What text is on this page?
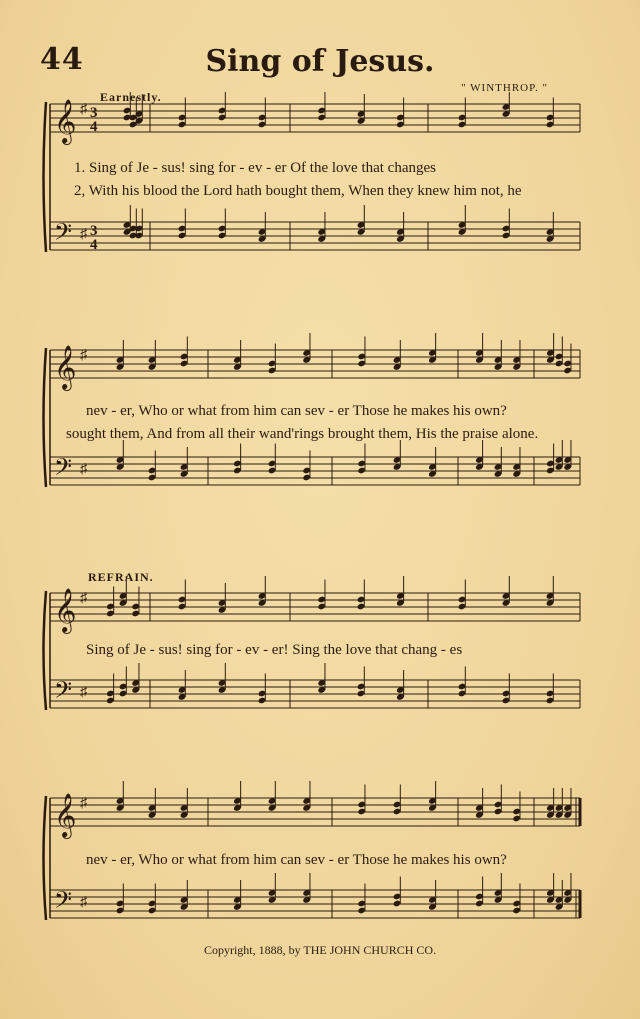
44	Sing of Jesus.
" WINTHROP. "
Earnestly.
𝄞
𝄢
♯
♯
3
4
3
4
1. Sing of Je - sus! sing for - ev - er Of the love that changes
2, With his blood the Lord hath bought them, When they knew him not, he
𝄞
𝄢
♯
♯
nev - er, Who or what from him can sev - er Those he makes his own?
sought them, And from all their wand'rings brought them, His the praise alone.
REFRAIN.
𝄞
𝄢
♯
♯
Sing of Je - sus! sing for - ev - er! Sing the love that chang - es
𝄞
𝄢
♯
♯
nev - er, Who or what from him can sev - er Those he makes his own?
Copyright, 1888, by THE JOHN CHURCH CO.
